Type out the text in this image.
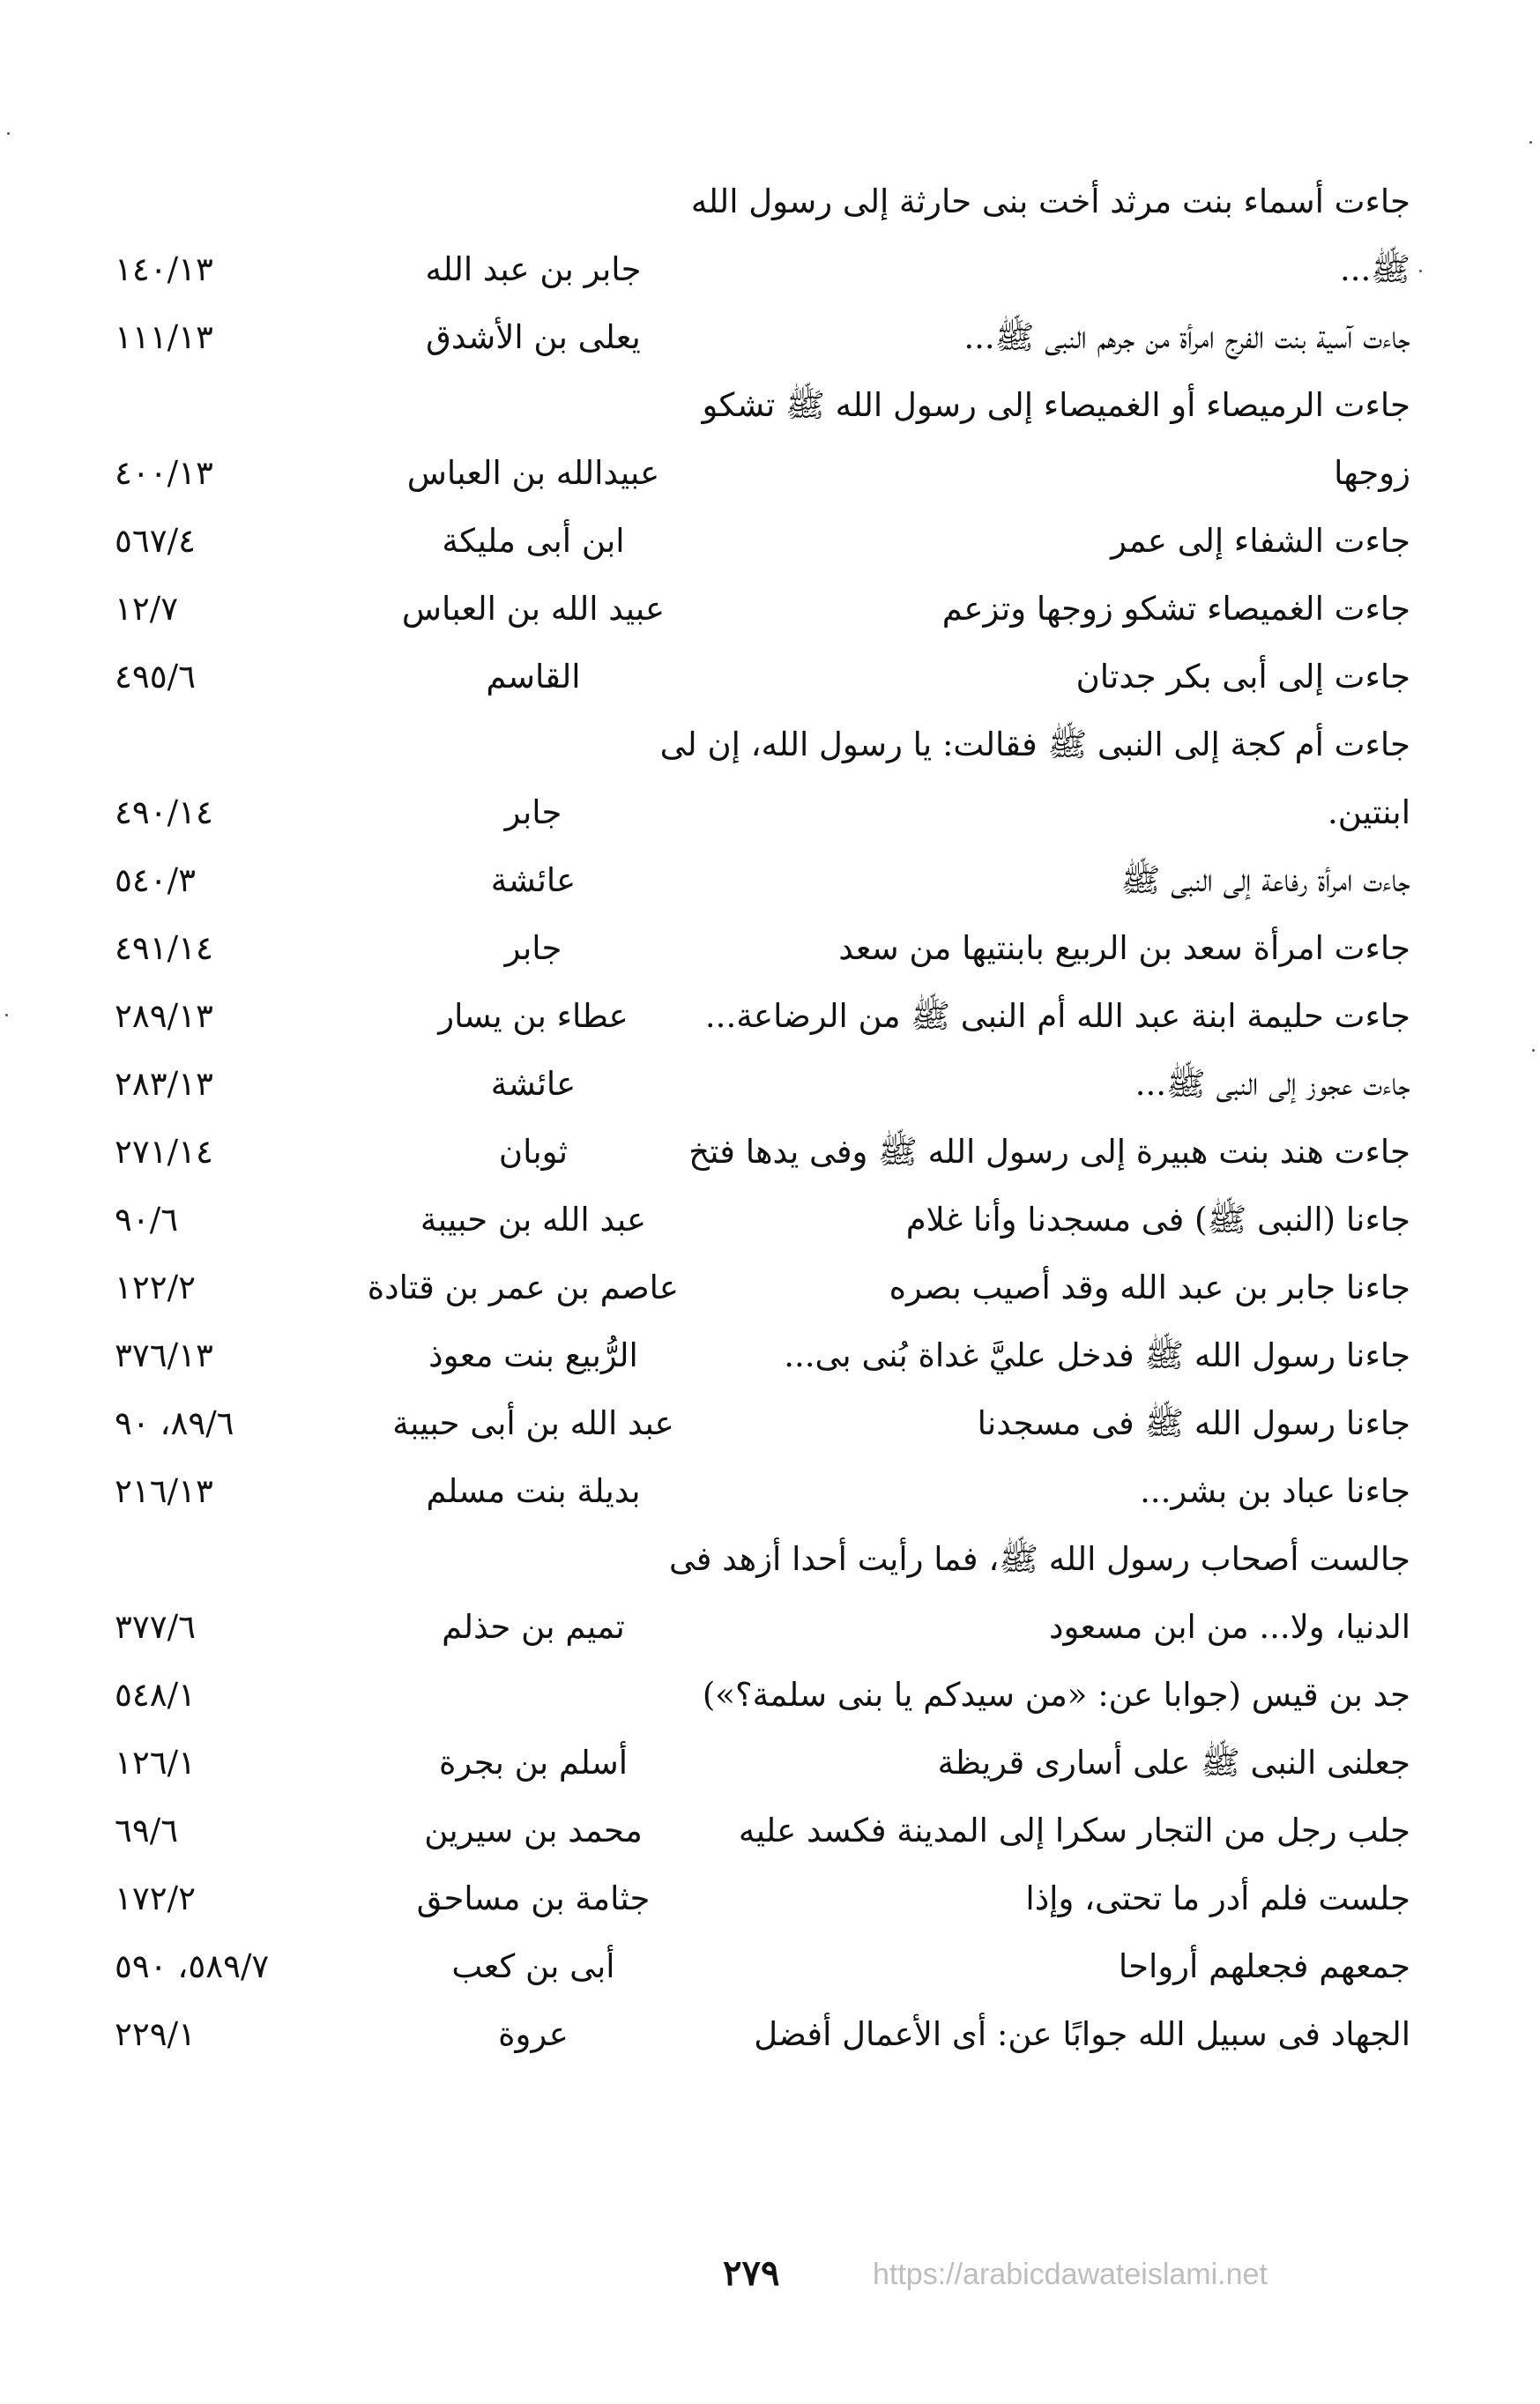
جاءت أسماء بنت مرثد أخت بنى حارثة إلى رسول الله
ﷺ...
جابر بن عبد الله
١٤٠/١٣
جاءت آسية بنت الفرج امرأة من جرهم النبى ﷺ...
يعلى بن الأشدق
١١١/١٣
جاءت الرميصاء أو الغميصاء إلى رسول الله ﷺ تشكو
زوجها
عبيدالله بن العباس
٤٠٠/١٣
جاءت الشفاء إلى عمر
ابن أبى مليكة
٥٦٧/٤
جاءت الغميصاء تشكو زوجها وتزعم
عبيد الله بن العباس
١٢/٧
جاءت إلى أبى بكر جدتان
القاسم
٤٩٥/٦
جاءت أم كجة إلى النبى ﷺ فقالت: يا رسول الله، إن لى
ابنتين.
جابر
٤٩٠/١٤
جاءت امرأة رفاعة إلى النبى ﷺ
عائشة
٥٤٠/٣
جاءت امرأة سعد بن الربيع بابنتيها من سعد
جابر
٤٩١/١٤
جاءت حليمة ابنة عبد الله أم النبى ﷺ من الرضاعة...
عطاء بن يسار
٢٨٩/١٣
جاءت عجوز إلى النبى ﷺ...
عائشة
٢٨٣/١٣
جاءت هند بنت هبيرة إلى رسول الله ﷺ وفى يدها فتخ
ثوبان
٢٧١/١٤
جاءنا (النبى ﷺ) فى مسجدنا وأنا غلام
عبد الله بن حبيبة
٩٠/٦
جاءنا جابر بن عبد الله وقد أصيب بصره
عاصم بن عمر بن قتادة
١٢٢/٢
جاءنا رسول الله ﷺ فدخل عليَّ غداة بُنى بى...
الرُّبيع بنت معوذ
٣٧٦/١٣
جاءنا رسول الله ﷺ فى مسجدنا
عبد الله بن أبى حبيبة
٨٩/٦، ٩٠
جاءنا عباد بن بشر...
بديلة بنت مسلم
٢١٦/١٣
جالست أصحاب رسول الله ﷺ، فما رأيت أحدا أزهد فى
الدنيا، ولا... من ابن مسعود
تميم بن حذلم
٣٧٧/٦
جد بن قيس (جوابا عن: «من سيدكم يا بنى سلمة؟»)
٥٤٨/١
جعلنى النبى ﷺ على أسارى قريظة
أسلم بن بجرة
١٢٦/١
جلب رجل من التجار سكرا إلى المدينة فكسد عليه
محمد بن سيرين
٦٩/٦
جلست فلم أدر ما تحتى، وإذا
جثامة بن مساحق
١٧٢/٢
جمعهم فجعلهم أرواحا
أبى بن كعب
٥٨٩/٧، ٥٩٠
الجهاد فى سبيل الله جوابًا عن: أى الأعمال أفضل
عروة
٢٢٩/١
٢٧٩	https://arabicdawateislami.net
